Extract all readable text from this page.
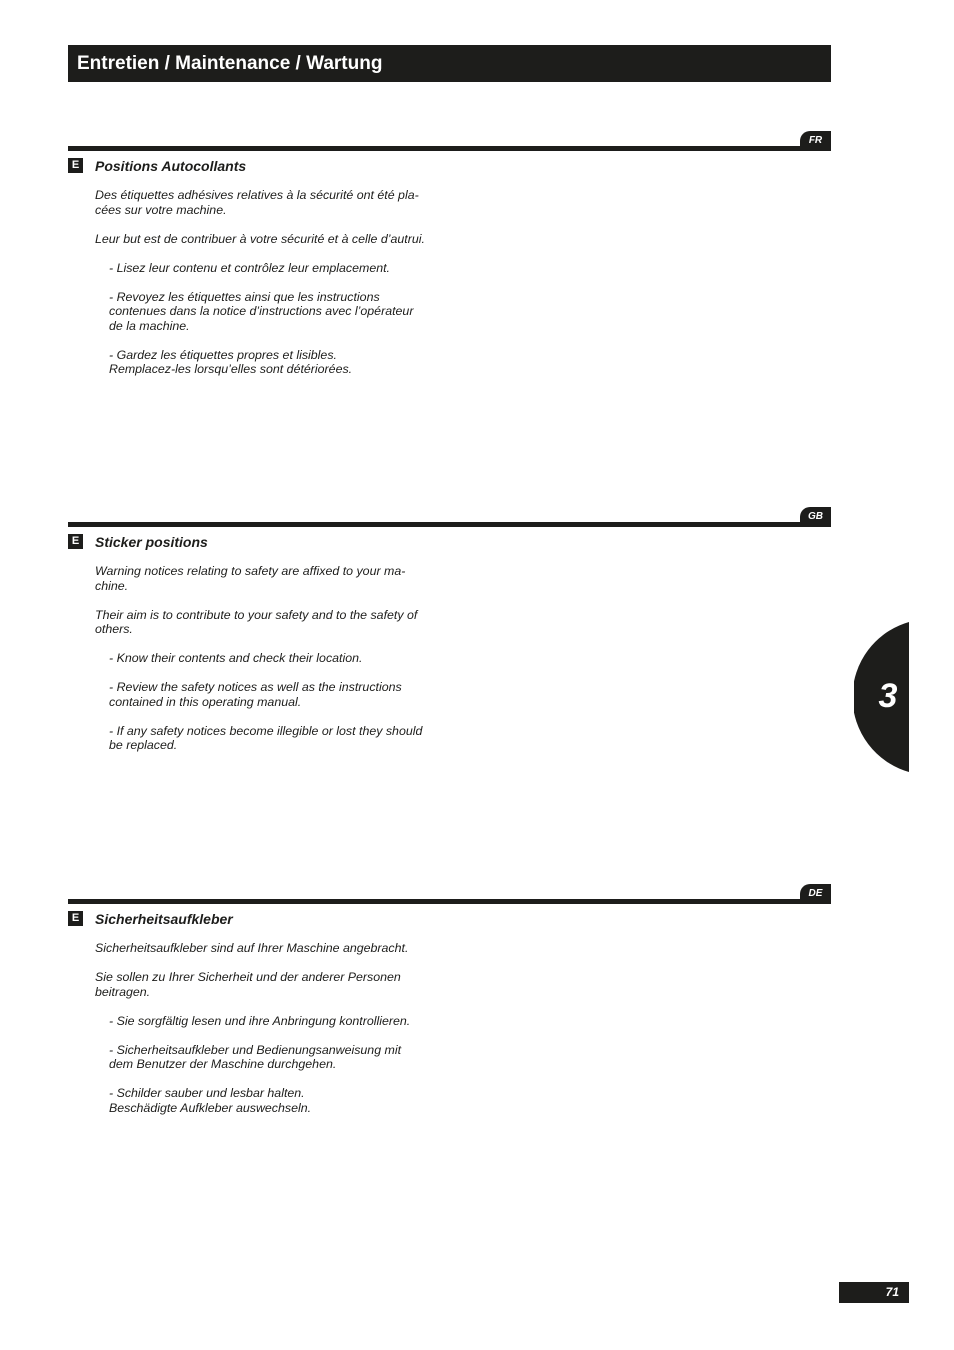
Entretien / Maintenance / Wartung
FR
E Positions Autocollants

Des étiquettes adhésives relatives à la sécurité ont été pla-
cées sur votre machine.

Leur but est de contribuer à votre sécurité et à celle d’autrui.

- Lisez leur contenu et contrôlez leur emplacement.

- Revoyez les étiquettes ainsi que les instructions
contenues dans la notice d’instructions avec l’opérateur
de la machine.

- Gardez les étiquettes propres et lisibles.
Remplacez-les lorsqu’elles sont détériorées.

GB
E Sticker positions

Warning notices relating to safety are affixed to your ma-
chine.

Their aim is to contribute to your safety and to the safety of
others.

- Know their contents and check their location.

- Review the safety notices as well as the instructions
contained in this operating manual.

- If any safety notices become illegible or lost they should
be replaced.

DE
E Sicherheitsaufkleber

Sicherheitsaufkleber sind auf Ihrer Maschine angebracht.

Sie sollen zu Ihrer Sicherheit und der anderer Personen
beitragen.

- Sie sorgfältig lesen und ihre Anbringung kontrollieren.

- Sicherheitsaufkleber und Bedienungsanweisung mit
dem Benutzer der Maschine durchgehen.

- Schilder sauber und lesbar halten.
Beschädigte Aufkleber auswechseln.

3
71
